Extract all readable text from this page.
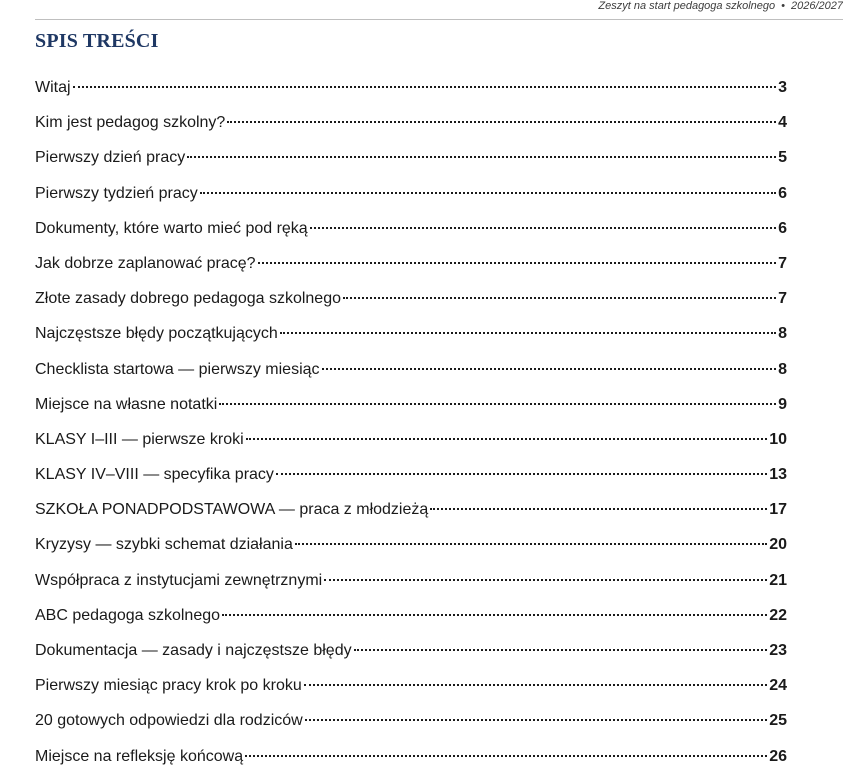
Zeszyt na start pedagoga szkolnego • 2026/2027
SPIS TREŚCI
Witaj	3
Kim jest pedagog szkolny?	4
Pierwszy dzień pracy	5
Pierwszy tydzień pracy	6
Dokumenty, które warto mieć pod ręką	6
Jak dobrze zaplanować pracę?	7
Złote zasady dobrego pedagoga szkolnego	7
Najczęstsze błędy początkujących	8
Checklista startowa — pierwszy miesiąc	8
Miejsce na własne notatki	9
KLASY I–III — pierwsze kroki	10
KLASY IV–VIII — specyfika pracy	13
SZKOŁA PONADPODSTAWOWA — praca z młodzieżą	17
Kryzysy — szybki schemat działania	20
Współpraca z instytucjami zewnętrznymi	21
ABC pedagoga szkolnego	22
Dokumentacja — zasady i najczęstsze błędy	23
Pierwszy miesiąc pracy krok po kroku	24
20 gotowych odpowiedzi dla rodziców	25
Miejsce na refleksję końcową	26
